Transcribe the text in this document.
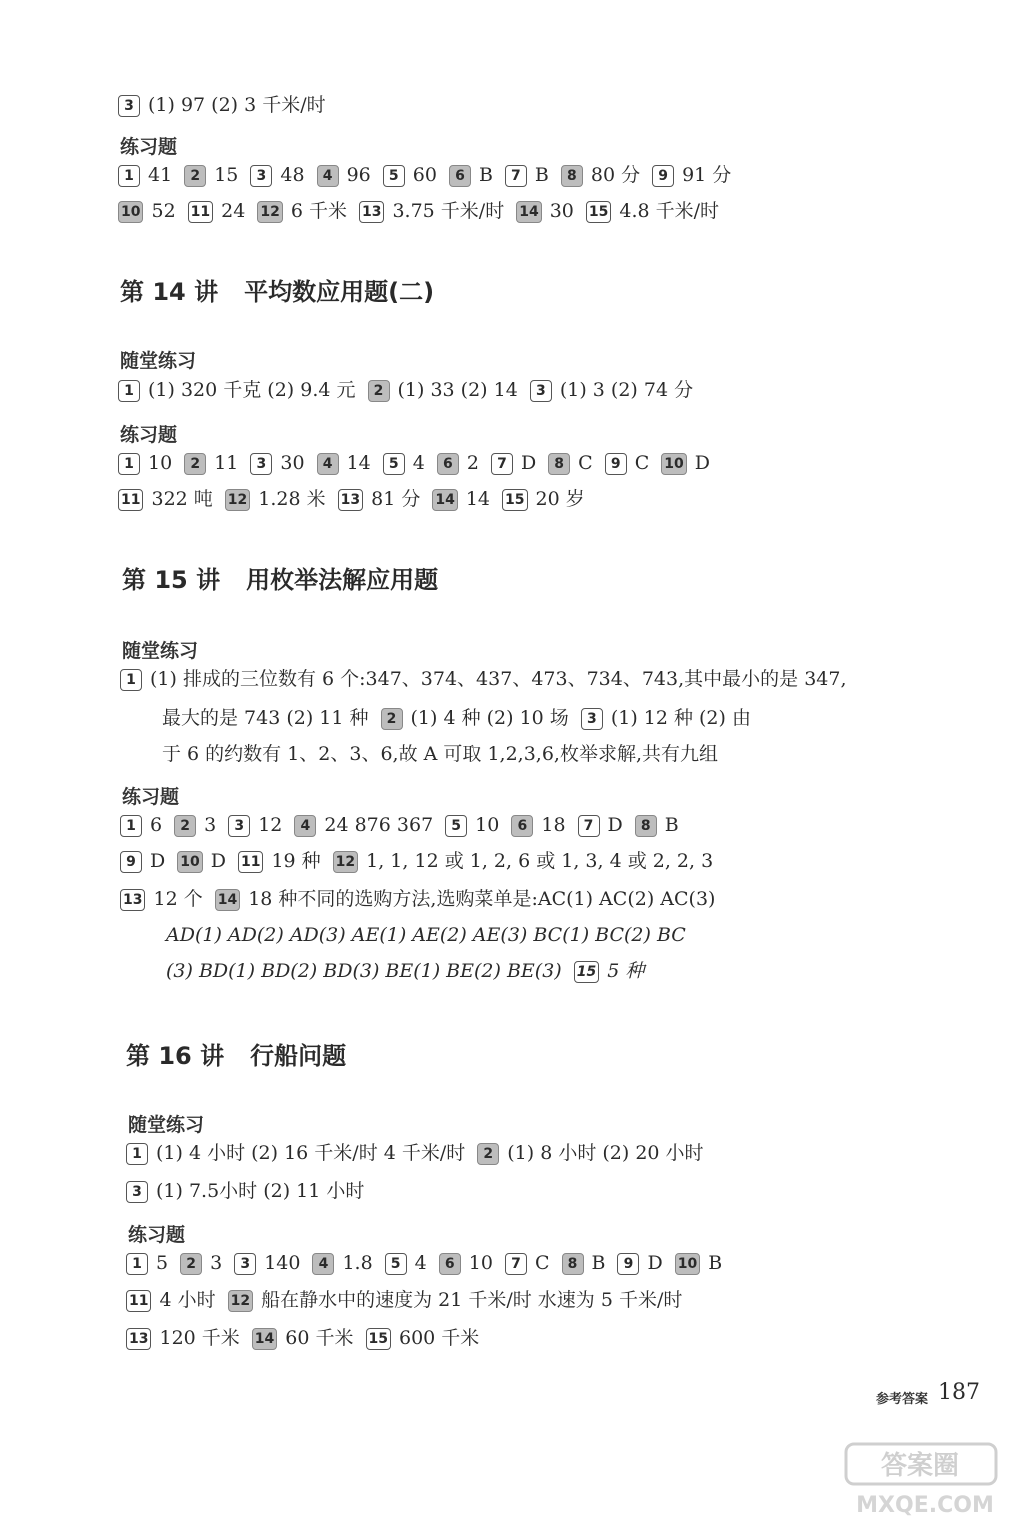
3 (1) 97 (2) 3 千米/时
练习题
1 41 2 15 3 48 4 96 5 60 6 B 7 B 8 80 分 9 91 分
10 52 11 24 12 6 千米 13 3.75 千米/时 14 30 15 4.8 千米/时
第 14 讲 平均数应用题(二)
随堂练习
1 (1) 320 千克 (2) 9.4 元 2 (1) 33 (2) 14 3 (1) 3 (2) 74 分
练习题
1 10 2 11 3 30 4 14 5 4 6 2 7 D 8 C 9 C 10 D
11 322 吨 12 1.28 米 13 81 分 14 14 15 20 岁
第 15 讲 用枚举法解应用题
随堂练习
1 (1) 排成的三位数有 6 个:347、374、437、473、734、743,其中最小的是 347,
最大的是 743 (2) 11 种 2 (1) 4 种 (2) 10 场 3 (1) 12 种 (2) 由
于 6 的约数有 1、2、3、6,故 A 可取 1,2,3,6,枚举求解,共有九组
练习题
1 6 2 3 3 12 4 24 876 367 5 10 6 18 7 D 8 B
9 D 10 D 11 19 种 12 1, 1, 12 或 1, 2, 6 或 1, 3, 4 或 2, 2, 3
13 12 个 14 18 种不同的选购方法,选购菜单是:AC(1) AC(2) AC(3)
AD(1) AD(2) AD(3) AE(1) AE(2) AE(3) BC(1) BC(2) BC
(3) BD(1) BD(2) BD(3) BE(1) BE(2) BE(3) 15 5 种
第 16 讲 行船问题
随堂练习
1 (1) 4 小时 (2) 16 千米/时 4 千米/时 2 (1) 8 小时 (2) 20 小时
3 (1) 7.5小时 (2) 11 小时
练习题
1 5 2 3 3 140 4 1.8 5 4 6 10 7 C 8 B 9 D 10 B
11 4 小时 12 船在静水中的速度为 21 千米/时 水速为 5 千米/时
13 120 千米 14 60 千米 15 600 千米
参考答案 187
答案圈
MXQE.COM
